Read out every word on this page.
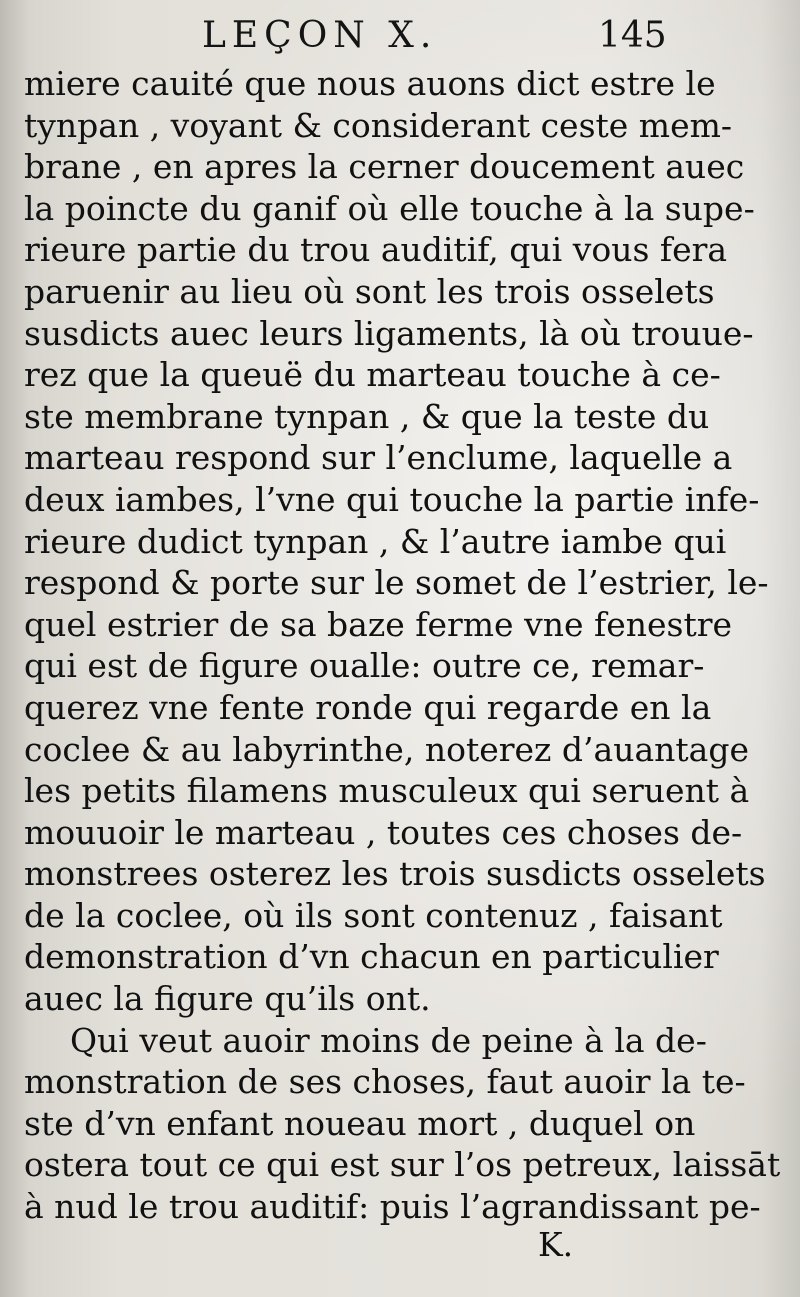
LEÇON X.	145
miere cauité que nous auons dict estre le
tynpan , voyant & considerant ceste mem-
brane , en apres la cerner doucement auec
la poincte du ganif où elle touche à la supe-
rieure partie du trou auditif, qui vous fera
paruenir au lieu où sont les trois osselets
susdicts auec leurs ligaments, là où trouue-
rez que la queuë du marteau touche à ce-
ste membrane tynpan , & que la teste du
marteau respond sur l’enclume, laquelle a
deux iambes, l’vne qui touche la partie infe-
rieure dudict tynpan , & l’autre iambe qui
respond & porte sur le somet de l’estrier, le-
quel estrier de sa baze ferme vne fenestre
qui est de figure oualle: outre ce, remar-
querez vne fente ronde qui regarde en la
coclee & au labyrinthe, noterez d’auantage
les petits filamens musculeux qui seruent à
mouuoir le marteau , toutes ces choses de-
monstrees osterez les trois susdicts osselets
de la coclee, où ils sont contenuz , faisant
demonstration d’vn chacun en particulier
auec la figure qu’ils ont.
Qui veut auoir moins de peine à la de-
monstration de ses choses, faut auoir la te-
ste d’vn enfant noueau mort , duquel on
ostera tout ce qui est sur l’os petreux, laissāt
à nud le trou auditif: puis l’agrandissant pe-
K.
